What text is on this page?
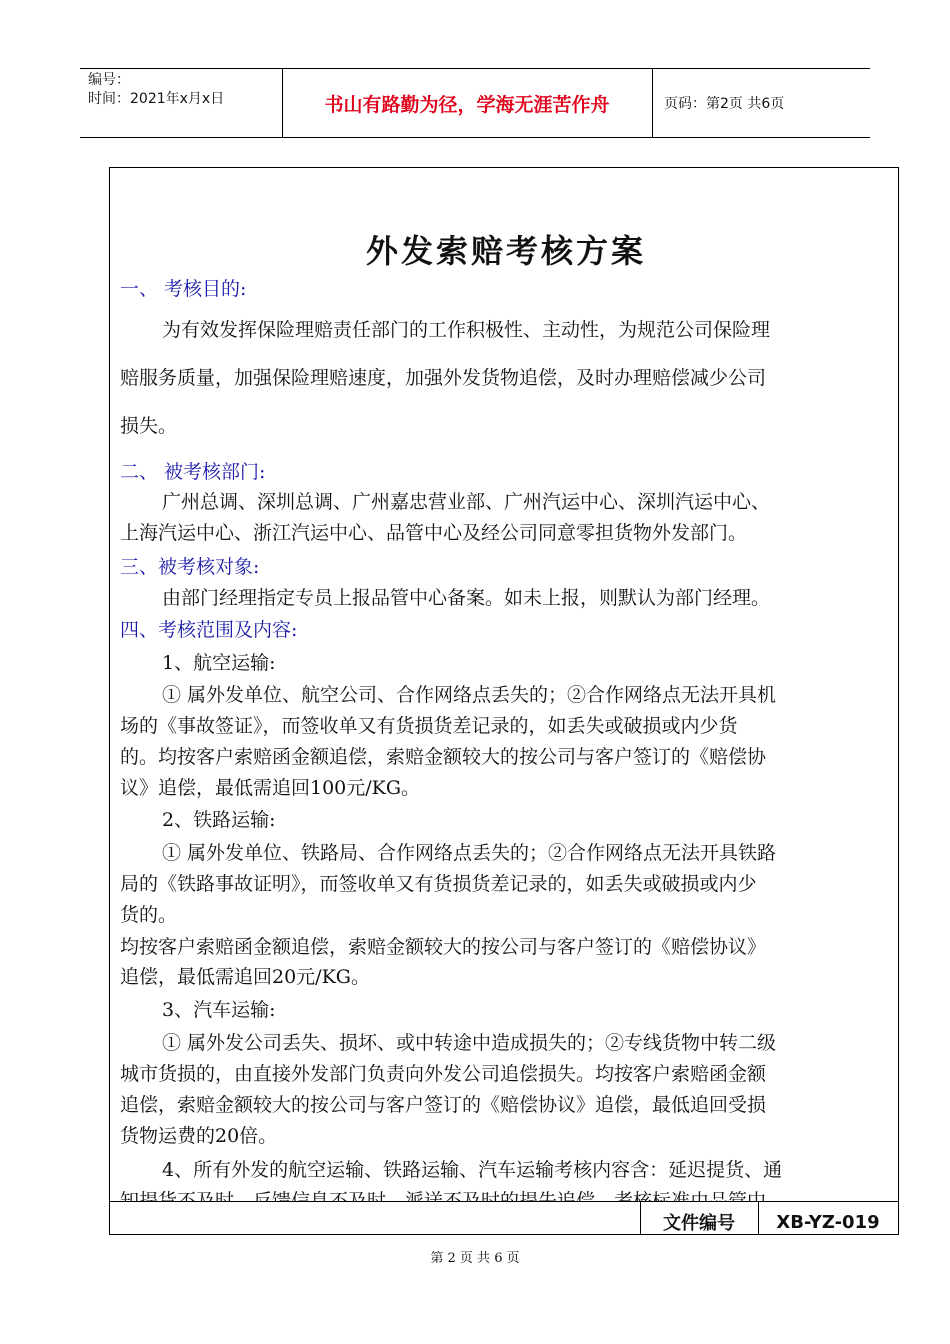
编号：
时间：2021年x月x日	书山有路勤为径，学海无涯苦作舟	页码：第2页 共6页
外发索赔考核方案
一、 考核目的:
为有效发挥保险理赔责任部门的工作积极性、主动性，为规范公司保险理
赔服务质量，加强保险理赔速度，加强外发货物追偿，及时办理赔偿减少公司
损失。
二、 被考核部门:
广州总调、深圳总调、广州嘉忠营业部、广州汽运中心、深圳汽运中心、
上海汽运中心、浙江汽运中心、品管中心及经公司同意零担货物外发部门。
三、被考核对象:
由部门经理指定专员上报品管中心备案。如未上报，则默认为部门经理。
四、考核范围及内容:
1、航空运输:
① 属外发单位、航空公司、合作网络点丢失的；②合作网络点无法开具机
场的《事故签证》，而签收单又有货损货差记录的，如丢失或破损或内少货
的。均按客户索赔函金额追偿，索赔金额较大的按公司与客户签订的《赔偿协
议》追偿，最低需追回100元/KG。
2、铁路运输:
① 属外发单位、铁路局、合作网络点丢失的；②合作网络点无法开具铁路
局的《铁路事故证明》，而签收单又有货损货差记录的，如丢失或破损或内少
货的。
均按客户索赔函金额追偿，索赔金额较大的按公司与客户签订的《赔偿协议》
追偿，最低需追回20元/KG。
3、汽车运输:
① 属外发公司丢失、损坏、或中转途中造成损失的；②专线货物中转二级
城市货损的，由直接外发部门负责向外发公司追偿损失。均按客户索赔函金额
追偿，索赔金额较大的按公司与客户签订的《赔偿协议》追偿，最低追回受损
货物运费的20倍。
4、所有外发的航空运输、铁路运输、汽车运输考核内容含：延迟提货、通
文件编号	XB-YZ-019
第 2 页 共 6 页
